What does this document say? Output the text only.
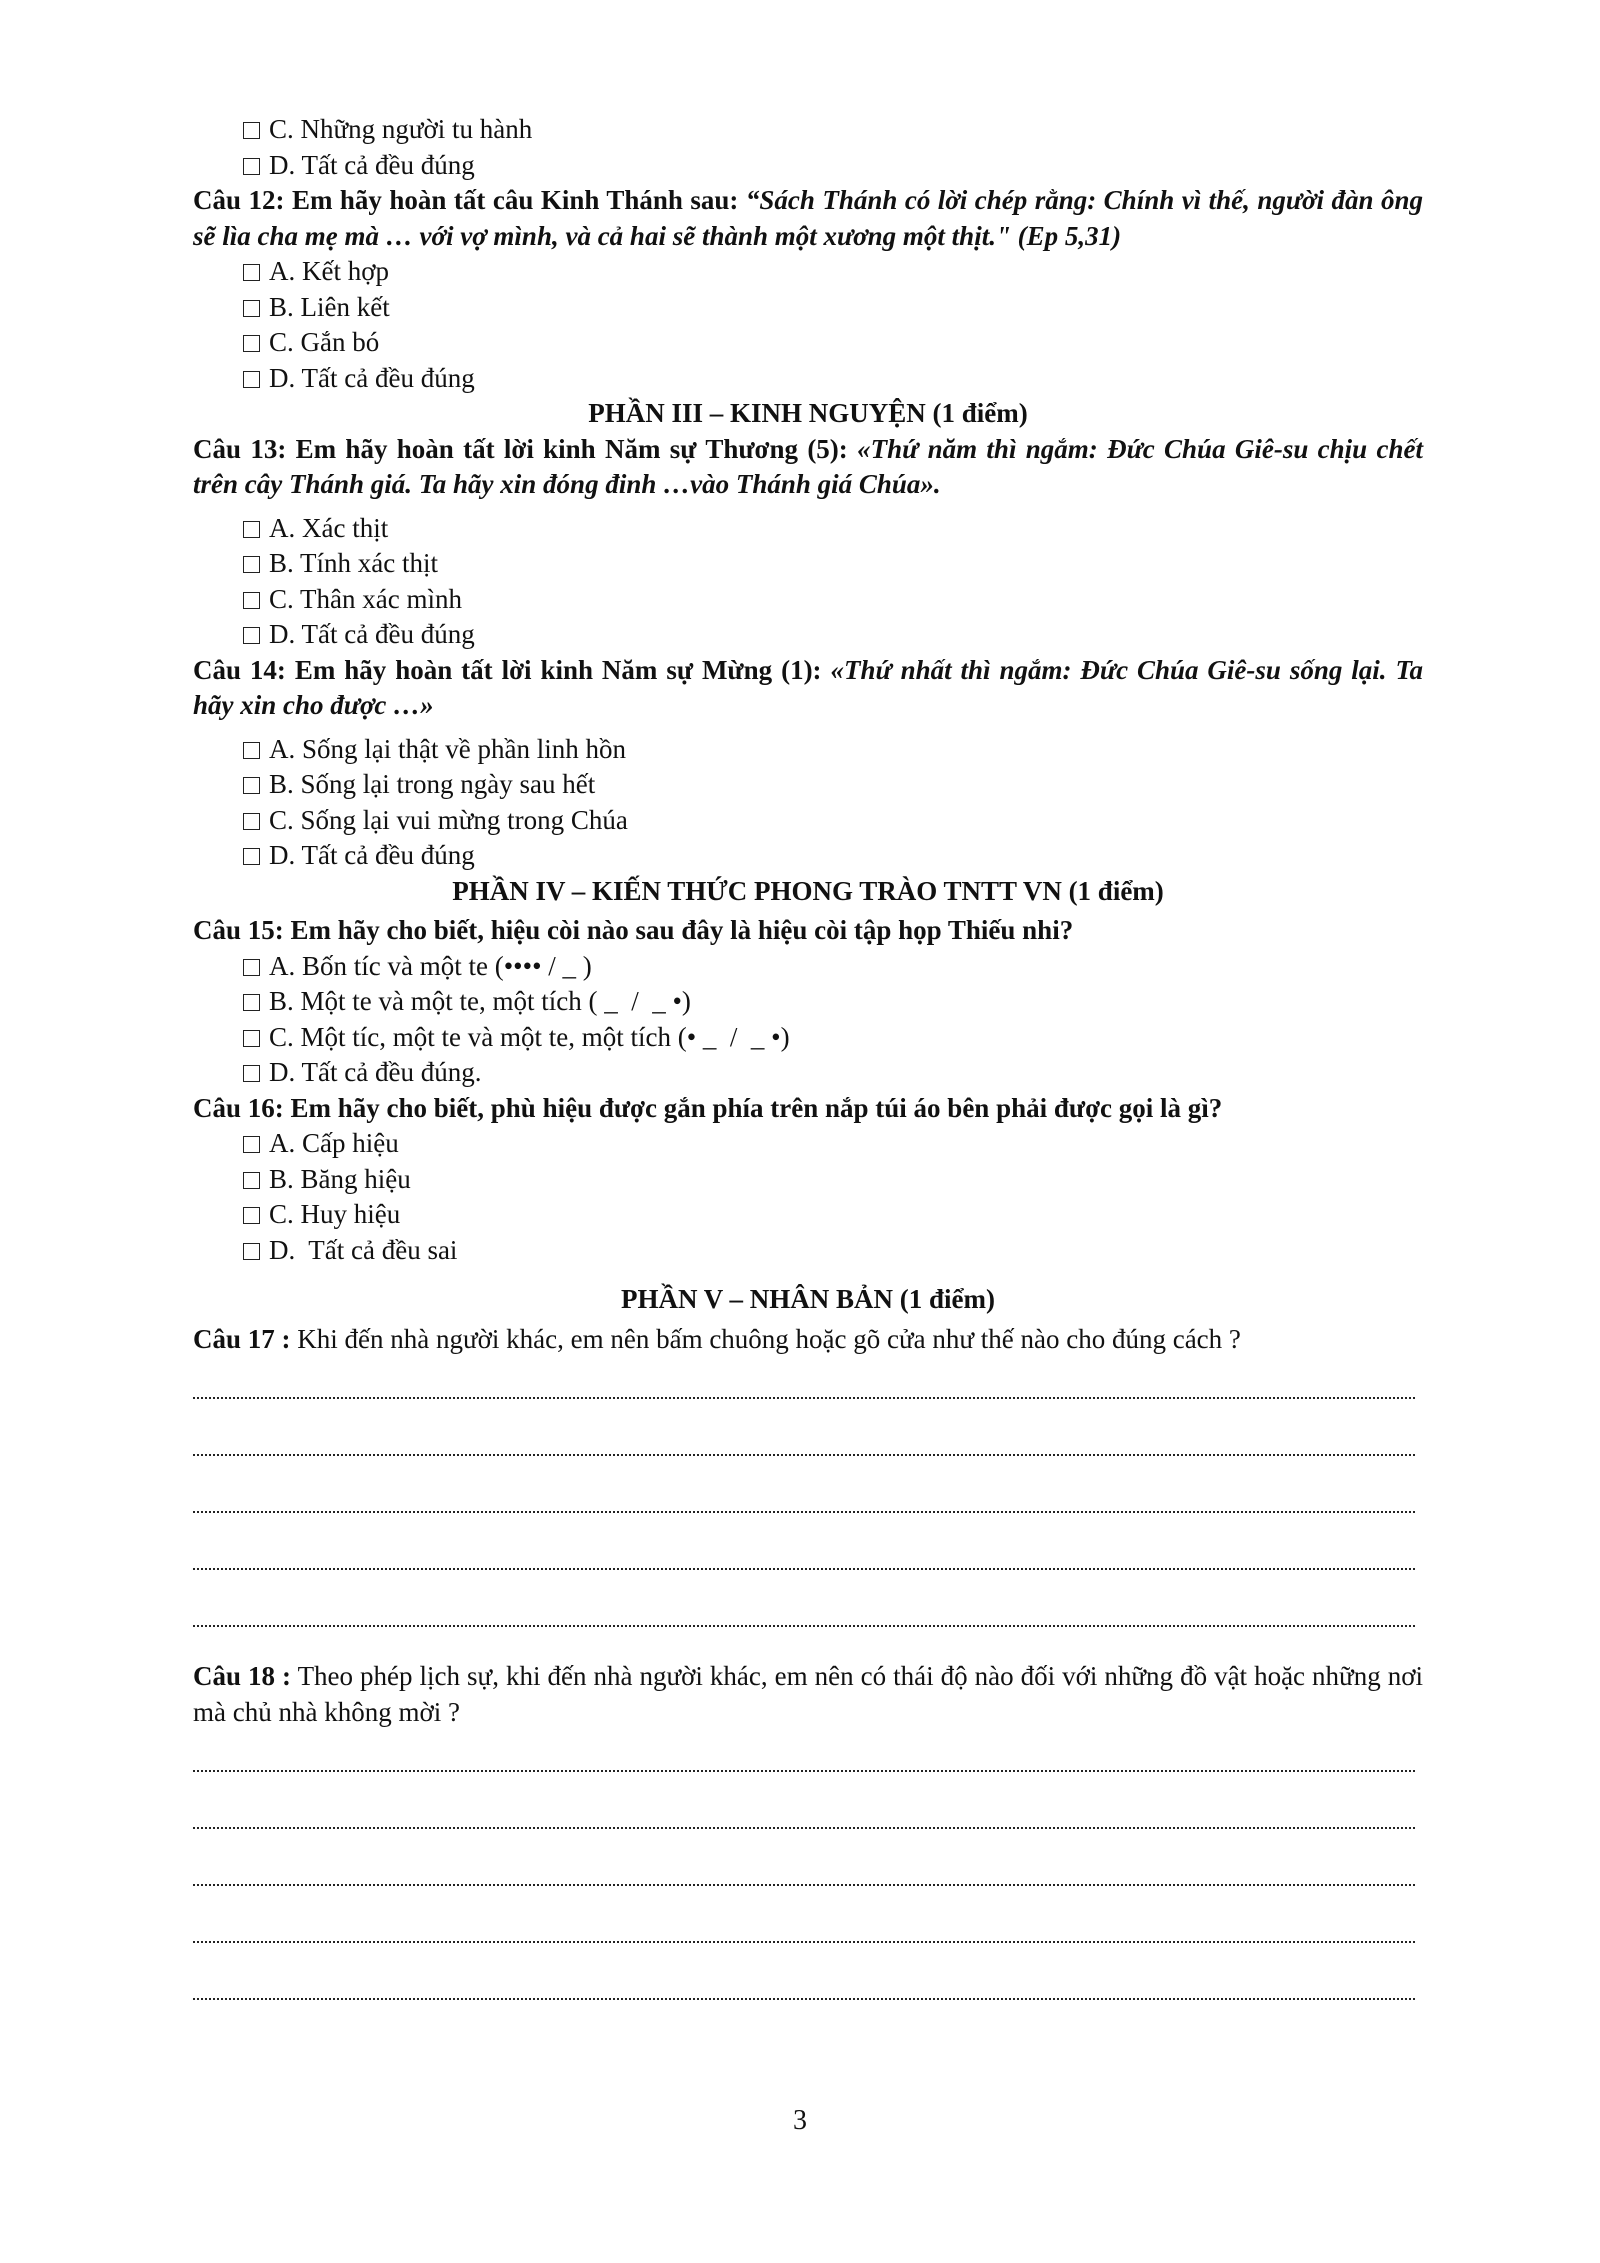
C. Những người tu hành
D. Tất cả đều đúng
Câu 12: Em hãy hoàn tất câu Kinh Thánh sau: “Sách Thánh có lời chép rằng: Chính vì thế, người đàn ông sẽ lìa cha mẹ mà … với vợ mình, và cả hai sẽ thành một xương một thịt." (Ep 5,31)
A. Kết hợp
B. Liên kết
C. Gắn bó
D. Tất cả đều đúng
PHẦN III – KINH NGUYỆN (1 điểm)
Câu 13: Em hãy hoàn tất lời kinh Năm sự Thương (5): «Thứ năm thì ngắm: Đức Chúa Giê-su chịu chết trên cây Thánh giá. Ta hãy xin đóng đinh …vào Thánh giá Chúa».
A. Xác thịt
B. Tính xác thịt
C. Thân xác mình
D. Tất cả đều đúng
Câu 14: Em hãy hoàn tất lời kinh Năm sự Mừng (1): «Thứ nhất thì ngắm: Đức Chúa Giê-su sống lại. Ta hãy xin cho được …»
A. Sống lại thật về phần linh hồn
B. Sống lại trong ngày sau hết
C. Sống lại vui mừng trong Chúa
D. Tất cả đều đúng
PHẦN IV – KIẾN THỨC PHONG TRÀO TNTT VN (1 điểm)
Câu 15: Em hãy cho biết, hiệu còi nào sau đây là hiệu còi tập họp Thiếu nhi?
A. Bốn tíc và một te (•••• / _ )
B. Một te và một te, một tích ( _  /  _ •)
C. Một tíc, một te và một te, một tích (• _  /  _ •)
D. Tất cả đều đúng.
Câu 16: Em hãy cho biết, phù hiệu được gắn phía trên nắp túi áo bên phải được gọi là gì?
A. Cấp hiệu
B. Băng hiệu
C. Huy hiệu
D.  Tất cả đều sai
PHẦN V – NHÂN BẢN (1 điểm)
Câu 17 : Khi đến nhà người khác, em nên bấm chuông hoặc gõ cửa như thế nào cho đúng cách ?
Câu 18 : Theo phép lịch sự, khi đến nhà người khác, em nên có thái độ nào đối với những đồ vật hoặc những nơi mà chủ nhà không mời ?
3
